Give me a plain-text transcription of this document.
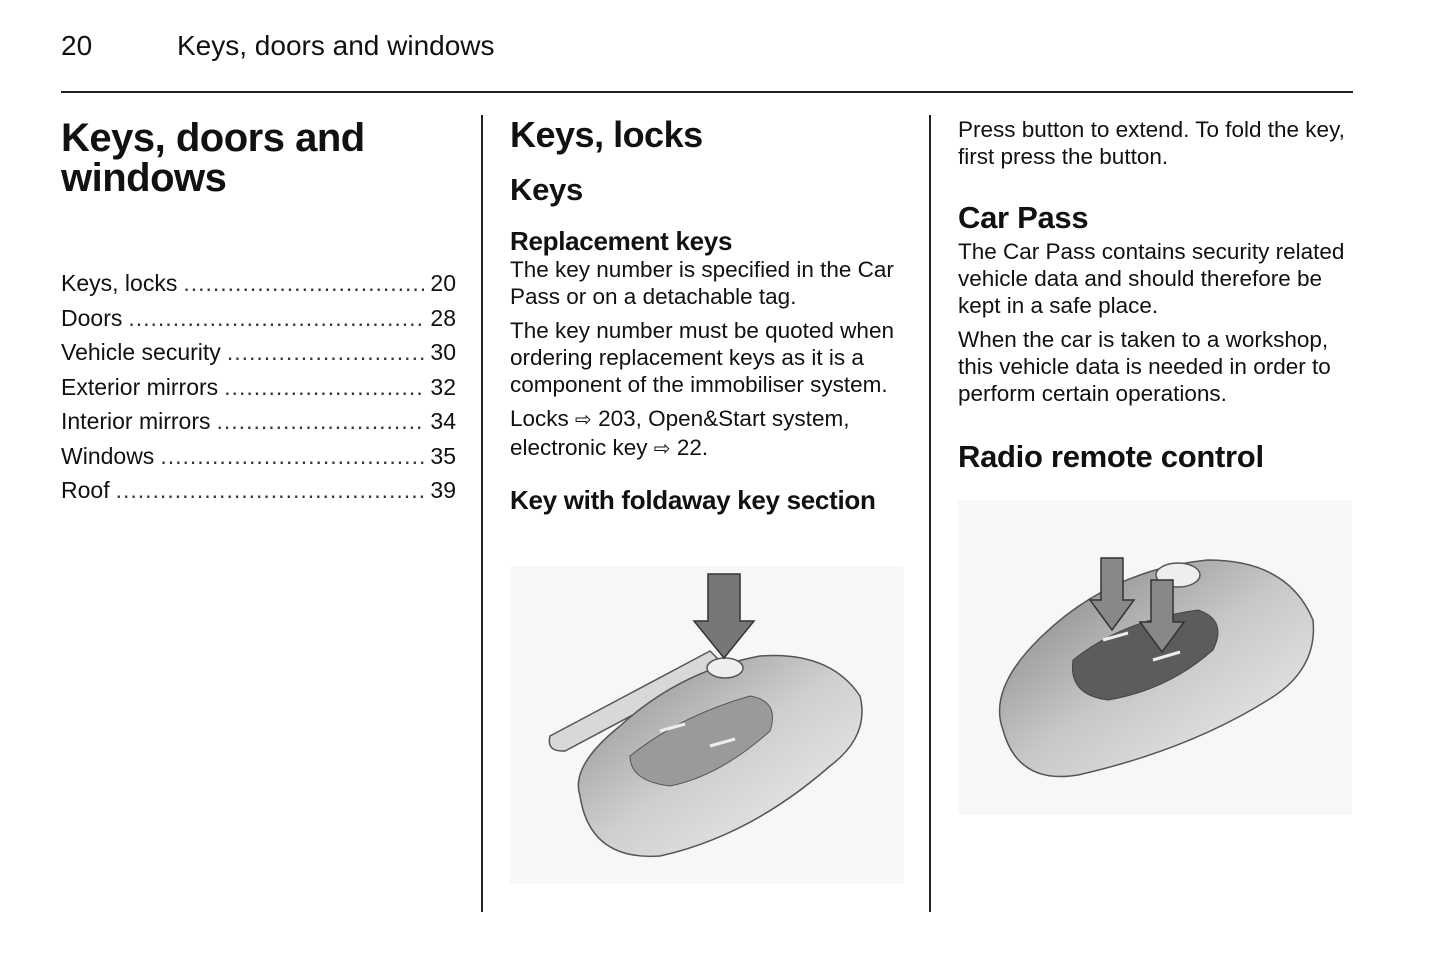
20	Keys, doors and windows
Keys, doors and
windows
Keys, locks .....	20
Doors .....	28
Vehicle security .....	30
Exterior mirrors .....	32
Interior mirrors .....	34
Windows .....	35
Roof .....	39
Keys, locks
Keys
Replacement keys

The key number is specified in the Car Pass or on a detachable tag.

The key number must be quoted when ordering replacement keys as it is a component of the immobiliser system.

Locks ⇨ 203, Open&Start system, electronic key ⇨ 22.

Key with foldaway key section

Press button to extend. To fold the key, first press the button.

Car Pass

The Car Pass contains security related vehicle data and should therefore be kept in a safe place.

When the car is taken to a workshop, this vehicle data is needed in order to perform certain operations.

Radio remote control
